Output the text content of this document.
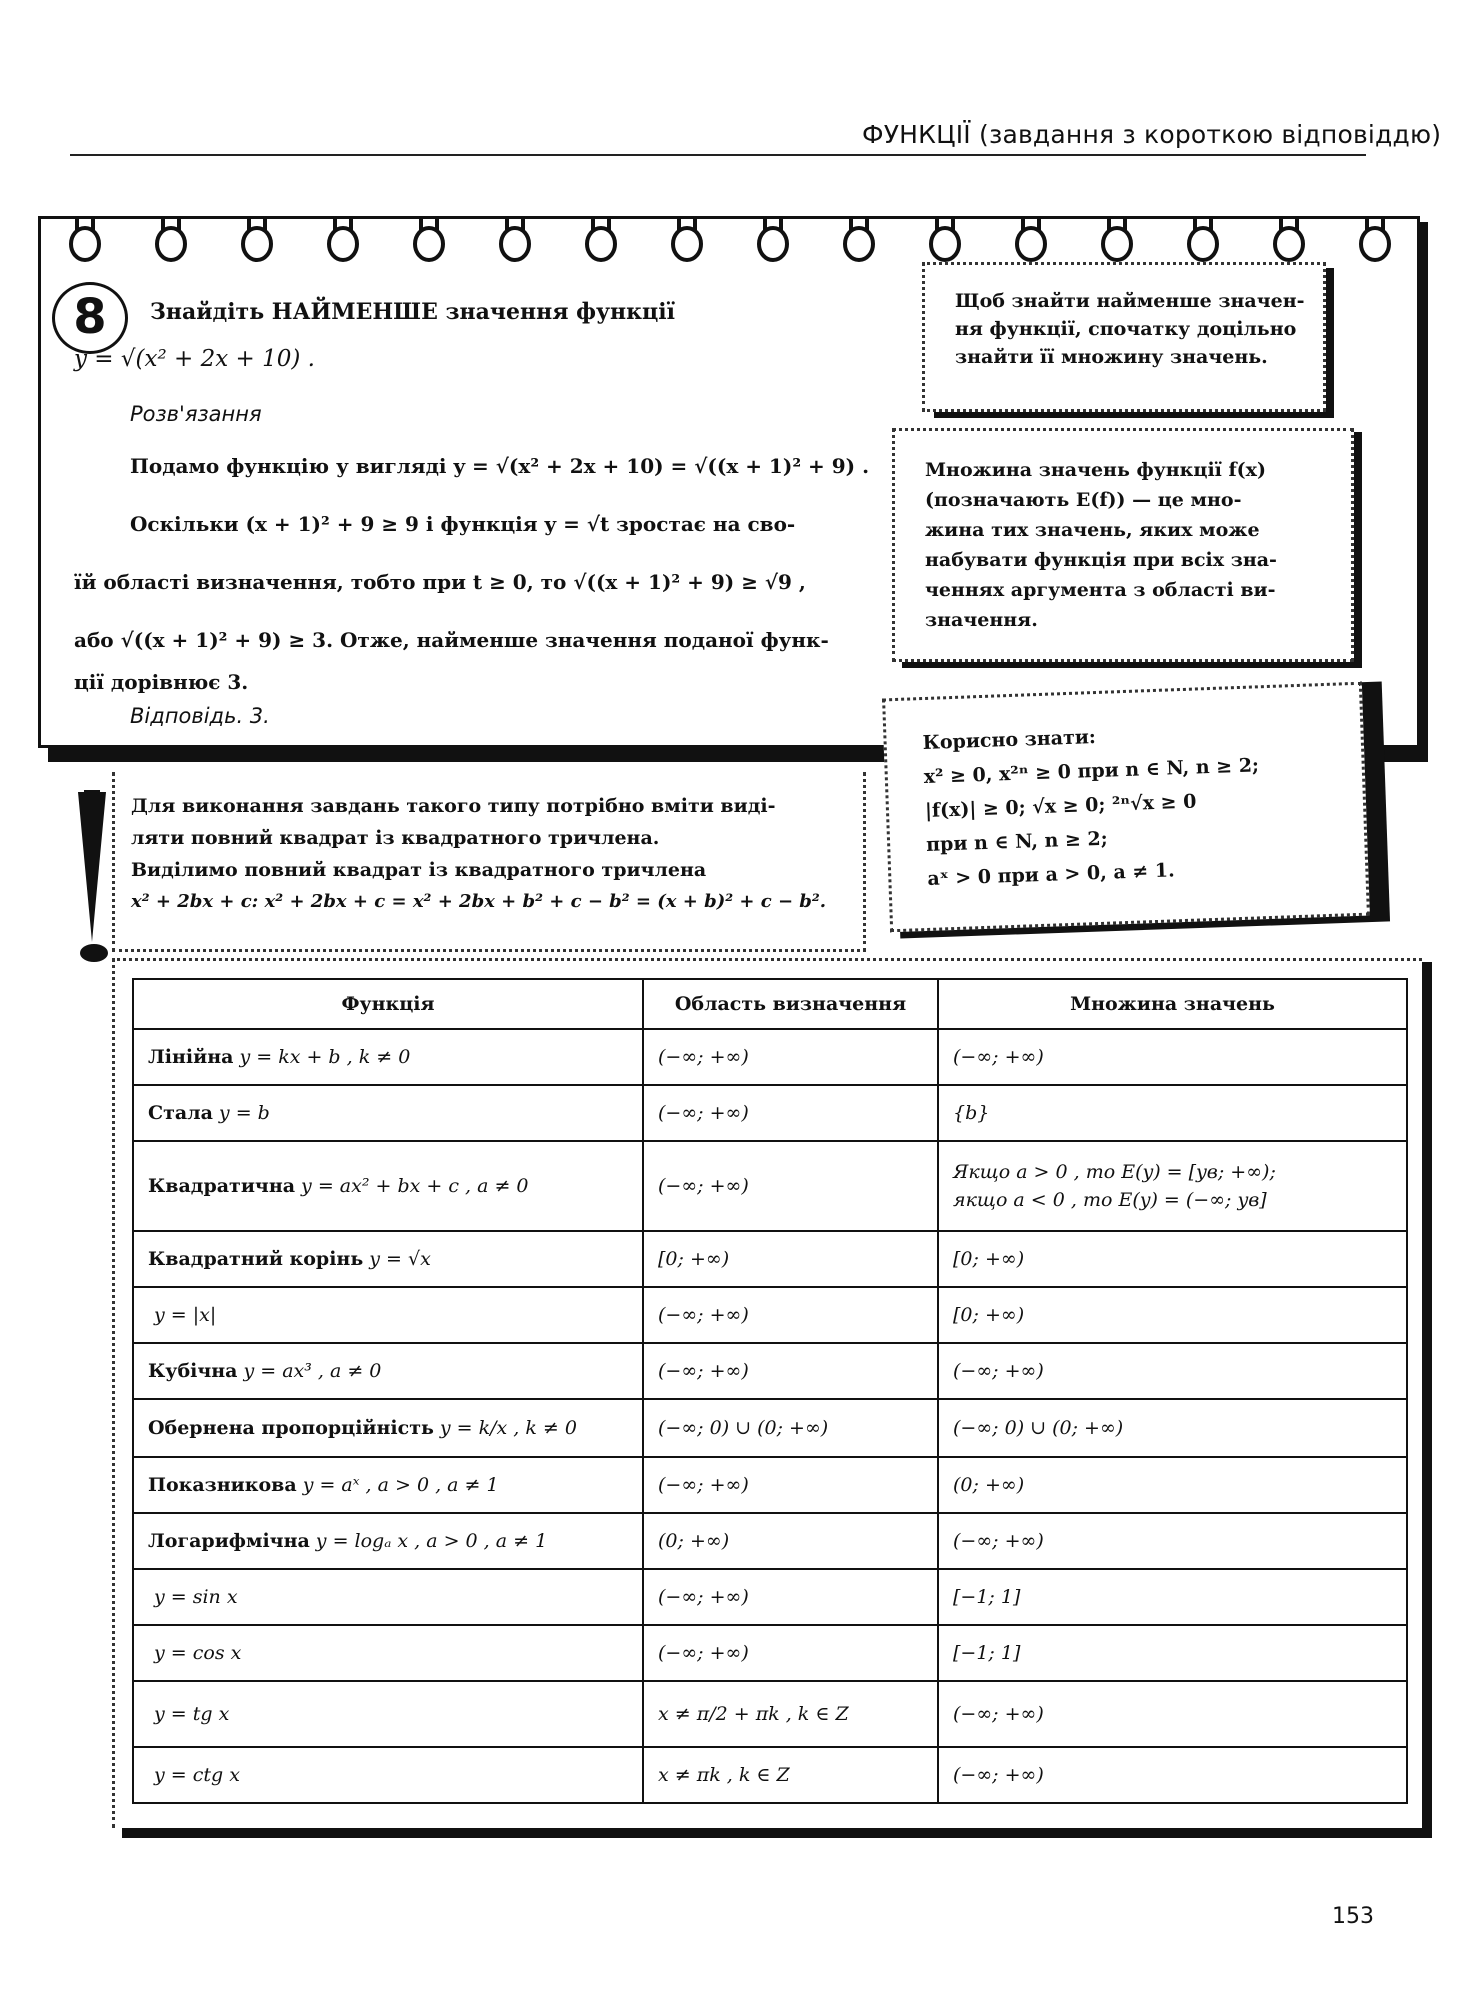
ФУНКЦІЇ (завдання з короткою відповіддю)
8	Знайдіть НАЙМЕНШЕ значення функції
y = √(x² + 2x + 10) .
Розв'язання
Подамо функцію у вигляді y = √(x² + 2x + 10) = √((x + 1)² + 9) .
Оскільки (x + 1)² + 9 ≥ 9 і функція y = √t зростає на сво-
їй області визначення, тобто при t ≥ 0, то √((x + 1)² + 9) ≥ √9 ,
або √((x + 1)² + 9) ≥ 3. Отже, найменше значення поданої функ-
ції дорівнює 3.
Відповідь. 3.
Щоб знайти найменше значен-
ня функції, спочатку доцільно
знайти її множину значень.
Множина значень функції f(x)
(позначають E(f)) — це мно-
жина тих значень, яких може
набувати функція при всіх зна-
ченнях аргумента з області ви-
значення.
Корисно знати:
x² ≥ 0, x²ⁿ ≥ 0 при n ∈ N, n ≥ 2;
|f(x)| ≥ 0; √x ≥ 0; ²ⁿ√x ≥ 0
при n ∈ N, n ≥ 2;
aˣ > 0 при a > 0, a ≠ 1.
Для виконання завдань такого типу потрібно вміти виді-
ляти повний квадрат із квадратного тричлена.
Виділимо повний квадрат із квадратного тричлена
x² + 2bx + c: x² + 2bx + c = x² + 2bx + b² + c − b² = (x + b)² + c − b².
Функція	Область визначення	Множина значень
Лінійна y = kx + b , k ≠ 0	(−∞; +∞)	(−∞; +∞)

Стала y = b	(−∞; +∞)	{b}

Квадратична y = ax² + bx + c , a ≠ 0	(−∞; +∞)	Якщо a > 0 , то E(y) = [yв; +∞);
якщо a < 0 , то E(y) = (−∞; yв]

Квадратний корінь y = √x	[0; +∞)	[0; +∞)

y = |x|	(−∞; +∞)	[0; +∞)

Кубічна y = ax³ , a ≠ 0	(−∞; +∞)	(−∞; +∞)

Обернена пропорційність y = k/x , k ≠ 0	(−∞; 0) ∪ (0; +∞)	(−∞; 0) ∪ (0; +∞)

Показникова y = aˣ , a > 0 , a ≠ 1	(−∞; +∞)	(0; +∞)

Логарифмічна y = logₐ x , a > 0 , a ≠ 1	(0; +∞)	(−∞; +∞)

y = sin x	(−∞; +∞)	[−1; 1]

y = cos x	(−∞; +∞)	[−1; 1]

y = tg x	x ≠ π/2 + πk , k ∈ Z	(−∞; +∞)

y = ctg x	x ≠ πk , k ∈ Z	(−∞; +∞)
153
